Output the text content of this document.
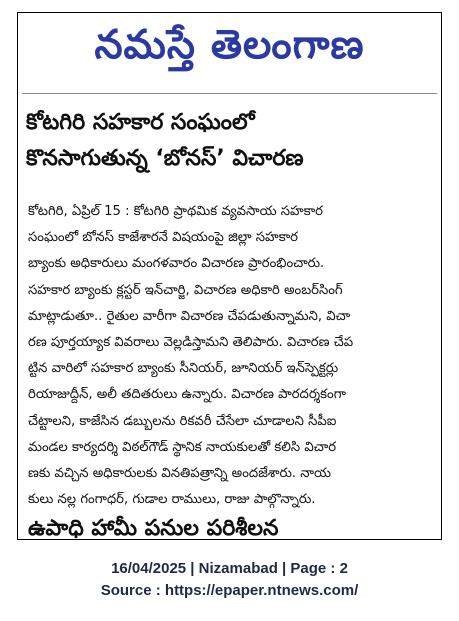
నమస్తే తెలంగాణ
కోటగిరి సహకార సంఘంలో
కొనసాగుతున్న ‘బోనస్’ విచారణ
కోటగిరి, ఏప్రిల్ 15 : కోటగిరి ప్రాథమిక వ్యవసాయ సహకార
సంఘంలో బోనస్ కాజేశారనే విషయంపై జిల్లా సహకార
బ్యాంకు అధికారులు మంగళవారం విచారణ ప్రారంభించారు.
సహకార బ్యాంకు క్లస్టర్ ఇన్‌చార్జి, విచారణ అధికారి అంబర్‌సింగ్
మాట్లాడుతూ.. రైతుల వారీగా విచారణ చేపడుతున్నామని, విచా
రణ పూర్తయ్యాక వివరాలు వెల్లడిస్తామని తెలిపారు. విచారణ చేప
ట్టిన వారిలో సహకార బ్యాంకు సీనియర్, జూనియర్ ఇన్‌స్పెక్టర్లు
రియాజుద్దీన్, అలీ తదితరులు ఉన్నారు. విచారణ పారదర్శకంగా
చేట్టాలని, కాజేసిన డబ్బులను రికవరీ చేసేలా చూడాలని సీపీఐ
మండల కార్యదర్శి విఠల్‌గౌడ్ స్థానిక నాయకులతో కలిసి విచార
ణకు వచ్చిన అధికారులకు వినతిపత్రాన్ని అందజేశారు. నాయ
కులు నల్ల గంగాధర్, గుడాల రాములు, రాజు పాల్గొన్నారు.
ఉపాధి హామీ పనుల పరిశీలన
16/04/2025 | Nizamabad | Page : 2
Source : https://epaper.ntnews.com/
